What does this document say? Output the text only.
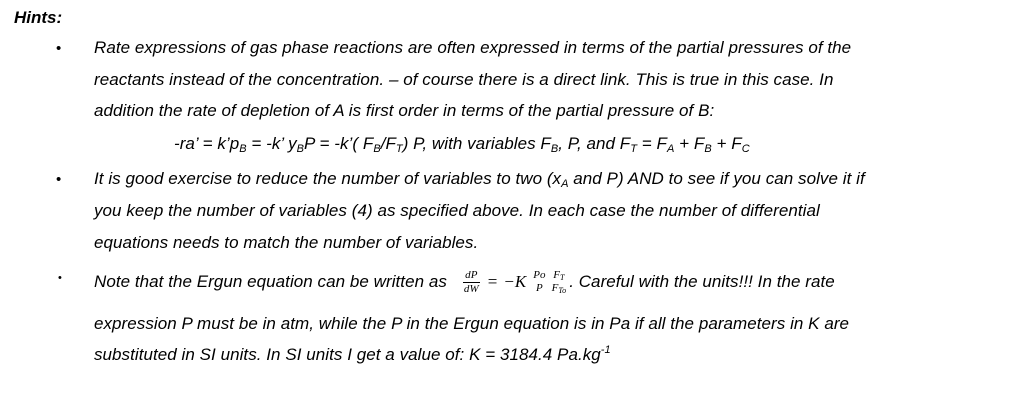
Hints:
• Rate expressions of gas phase reactions are often expressed in terms of the partial pressures of the
reactants instead of the concentration. – of course there is a direct link. This is true in this case. In
addition the rate of depletion of A is first order in terms of the partial pressure of B:
-ra’ = $k’p_B = -k$’ $y_BP$ = -k’( $F_B/F_T$) P, with variables $F_B$, P, and $F_T = F_A + F_B + F_C$
• It is good exercise to reduce the number of variables to two ($x_A$ and P) AND to see if you can solve it if
you keep the number of variables (4) as specified above. In each case the number of differential
equations needs to match the number of variables.
• Note that the Ergun equation can be written as $\frac{dP}{dW} = -K$ Po
P
$F_T$
$F_{To}$ . Careful with the units!!! In the rate
expression P must be in atm, while the P in the Ergun equation is in Pa if all the parameters in K are
substituted in SI units. In SI units I get a value of: K = 3184.4 $Pa.kg^{-1}$
